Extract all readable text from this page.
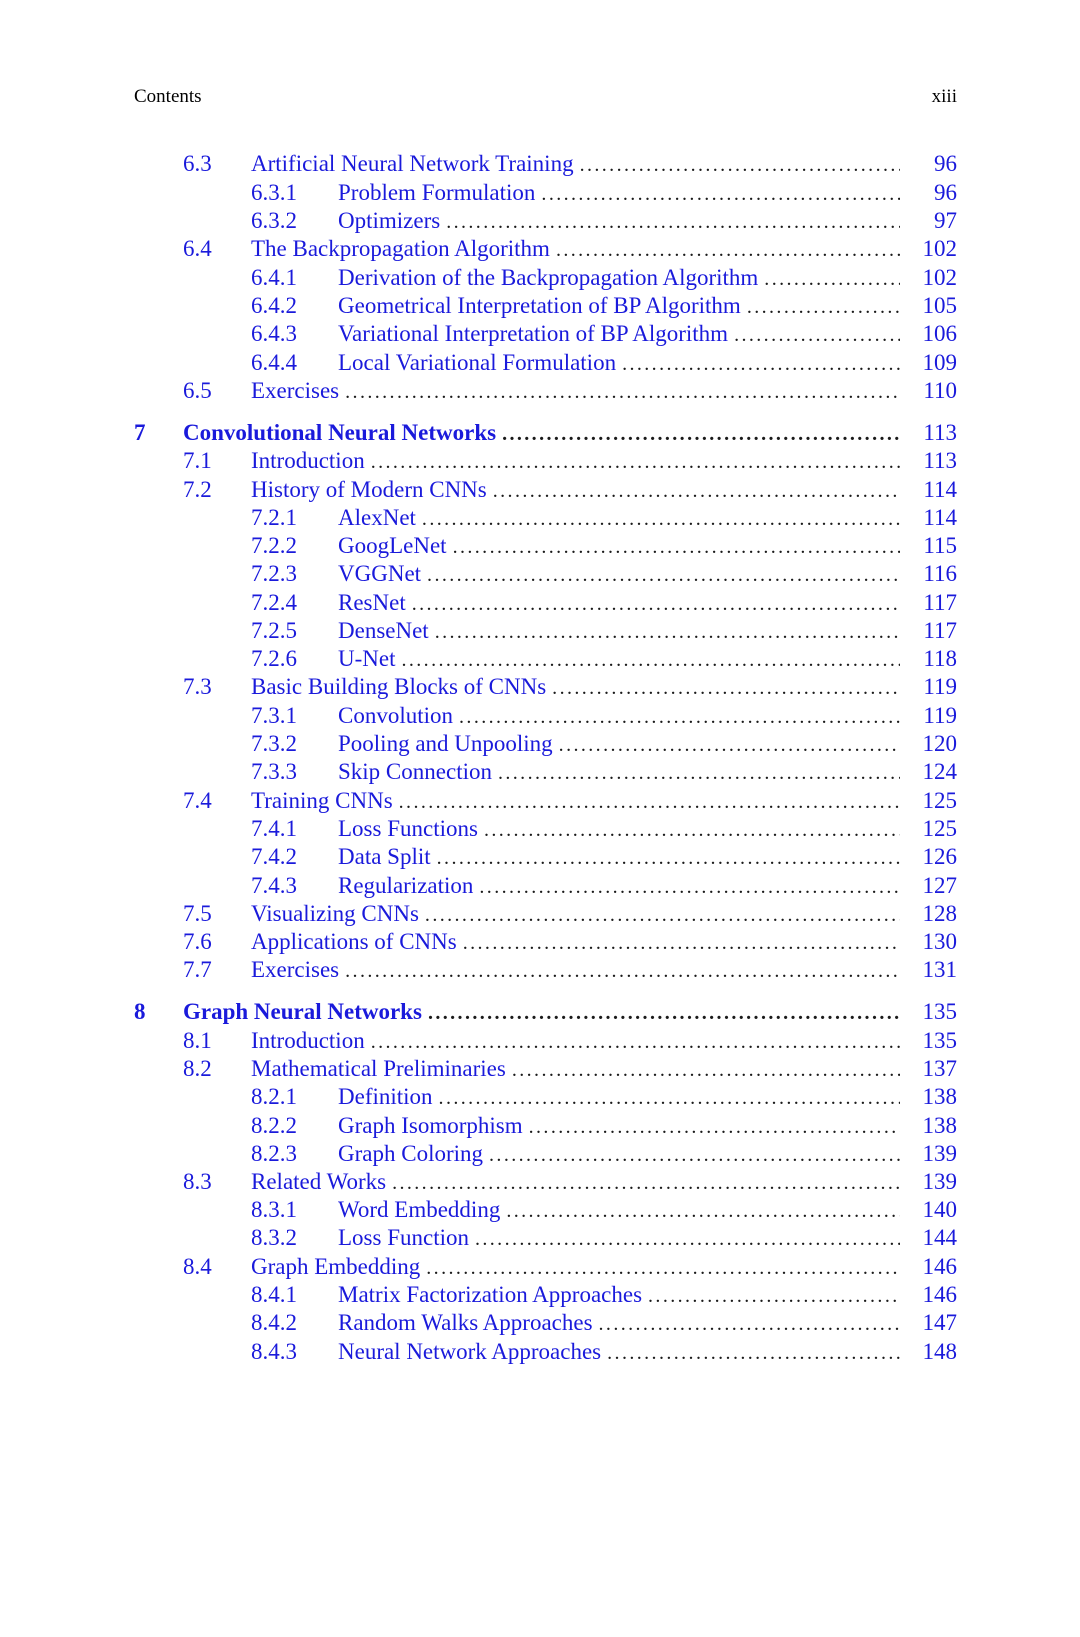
Contents	xiii
6.3 Artificial Neural Network Training . . .	96
6.3.1 Problem Formulation . . .	96
6.3.2 Optimizers . . .	97
6.4 The Backpropagation Algorithm . . .	102
6.4.1 Derivation of the Backpropagation Algorithm . . .	102
6.4.2 Geometrical Interpretation of BP Algorithm . . .	105
6.4.3 Variational Interpretation of BP Algorithm . . .	106
6.4.4 Local Variational Formulation . . .	109
6.5 Exercises . . .	110
7 Convolutional Neural Networks . . .	113
7.1 Introduction . . .	113
7.2 History of Modern CNNs . . .	114
7.2.1 AlexNet . . .	114
7.2.2 GoogLeNet . . .	115
7.2.3 VGGNet . . .	116
7.2.4 ResNet . . .	117
7.2.5 DenseNet . . .	117
7.2.6 U-Net . . .	118
7.3 Basic Building Blocks of CNNs . . .	119
7.3.1 Convolution . . .	119
7.3.2 Pooling and Unpooling . . .	120
7.3.3 Skip Connection . . .	124
7.4 Training CNNs . . .	125
7.4.1 Loss Functions . . .	125
7.4.2 Data Split . . .	126
7.4.3 Regularization . . .	127
7.5 Visualizing CNNs . . .	128
7.6 Applications of CNNs . . .	130
7.7 Exercises . . .	131
8 Graph Neural Networks . . .	135
8.1 Introduction . . .	135
8.2 Mathematical Preliminaries . . .	137
8.2.1 Definition . . .	138
8.2.2 Graph Isomorphism . . .	138
8.2.3 Graph Coloring . . .	139
8.3 Related Works . . .	139
8.3.1 Word Embedding . . .	140
8.3.2 Loss Function . . .	144
8.4 Graph Embedding . . .	146
8.4.1 Matrix Factorization Approaches . . .	146
8.4.2 Random Walks Approaches . . .	147
8.4.3 Neural Network Approaches . . .	148
